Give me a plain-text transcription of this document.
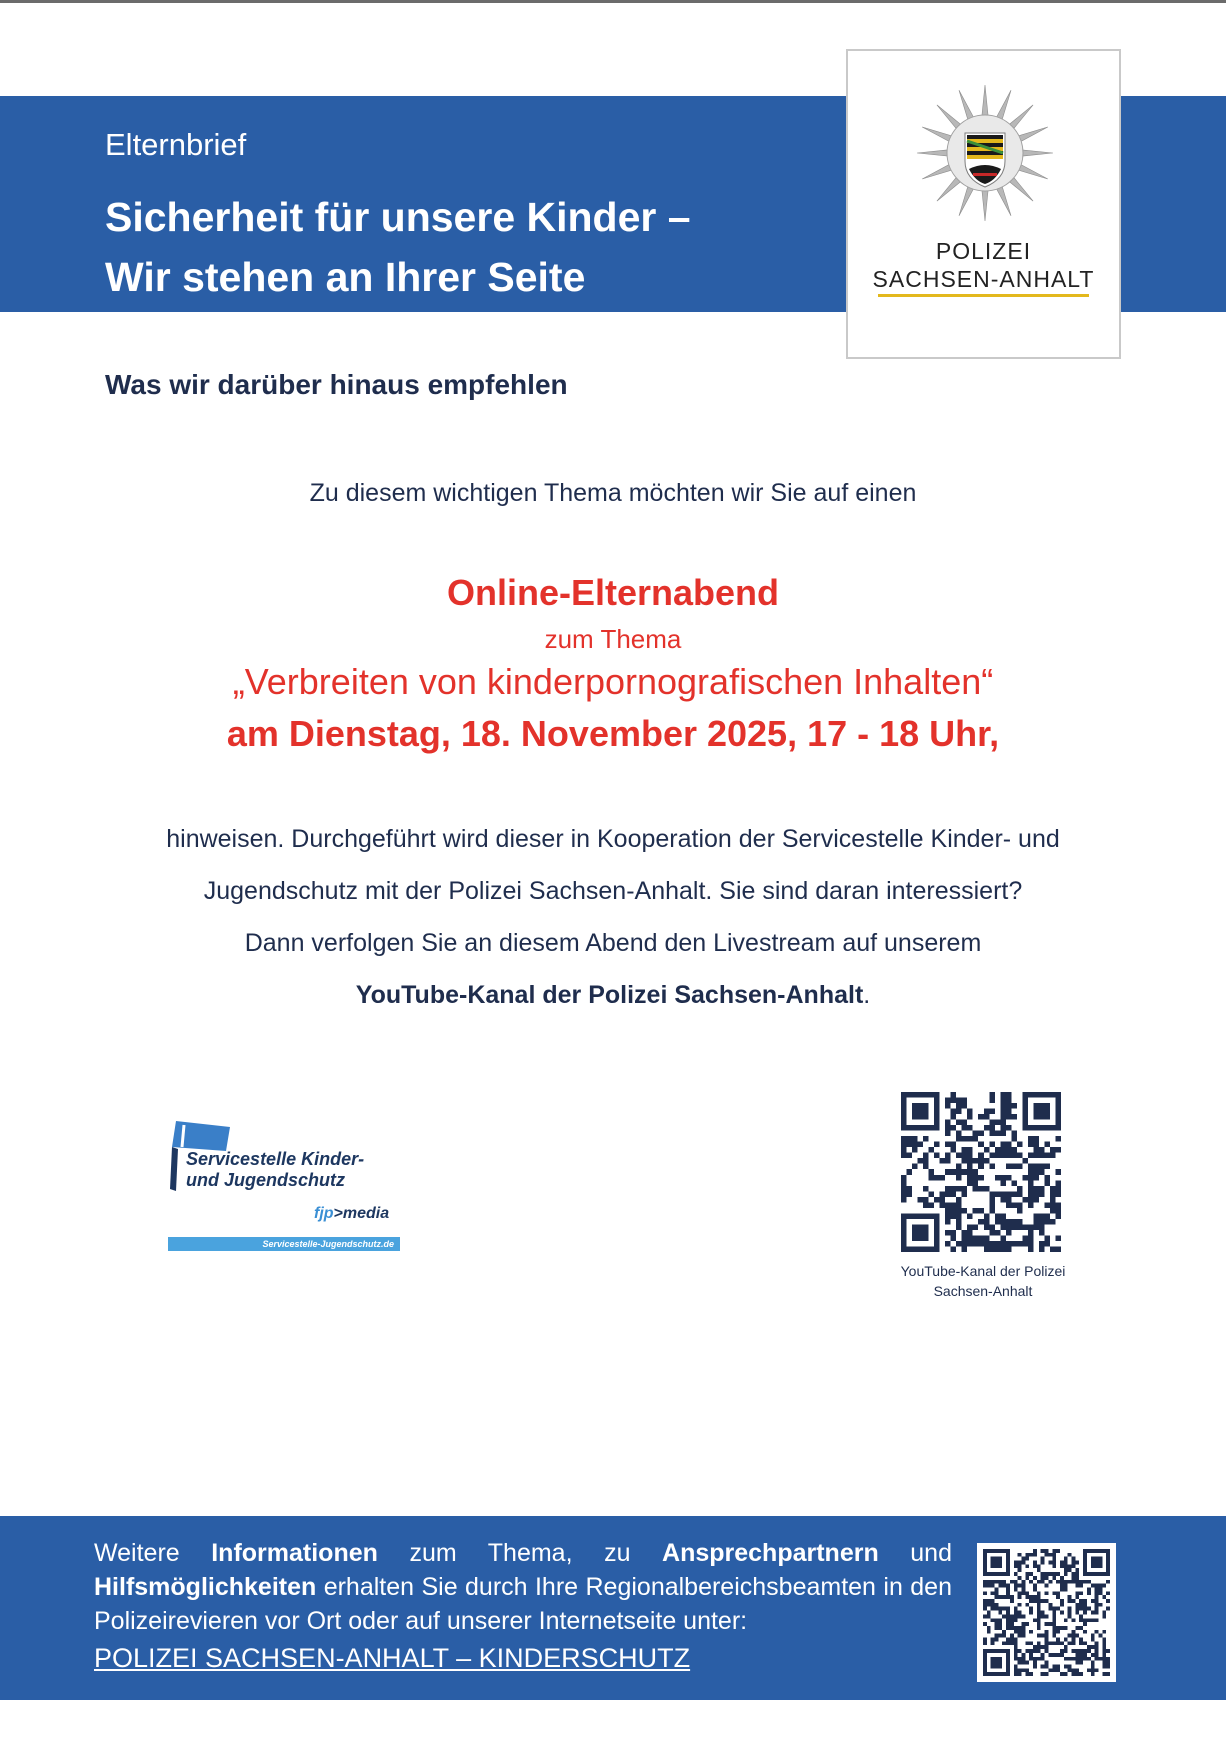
Elternbrief
Sicherheit für unsere Kinder –
Wir stehen an Ihrer Seite
POLIZEI
SACHSEN-ANHALT
Was wir darüber hinaus empfehlen
Zu diesem wichtigen Thema möchten wir Sie auf einen
Online-Elternabend
zum Thema
„Verbreiten von kinderpornografischen Inhalten“
am Dienstag, 18. November 2025, 17 - 18 Uhr,
hinweisen. Durchgeführt wird dieser in Kooperation der Servicestelle Kinder- und
Jugendschutz mit der Polizei Sachsen-Anhalt. Sie sind daran interessiert?
Dann verfolgen Sie an diesem Abend den Livestream auf unserem
YouTube-Kanal der Polizei Sachsen-Anhalt.
Servicestelle Kinder-
und Jugendschutz
fjp>media
Servicestelle-Jugendschutz.de
YouTube-Kanal der Polizei
Sachsen-Anhalt
Weitere Informationen zum Thema, zu Ansprechpartnern und Hilfsmöglichkeiten erhalten Sie durch Ihre Regionalbereichsbeamten in den Polizeirevieren vor Ort oder auf unserer Internetseite unter:
POLIZEI SACHSEN-ANHALT – KINDERSCHUTZ
